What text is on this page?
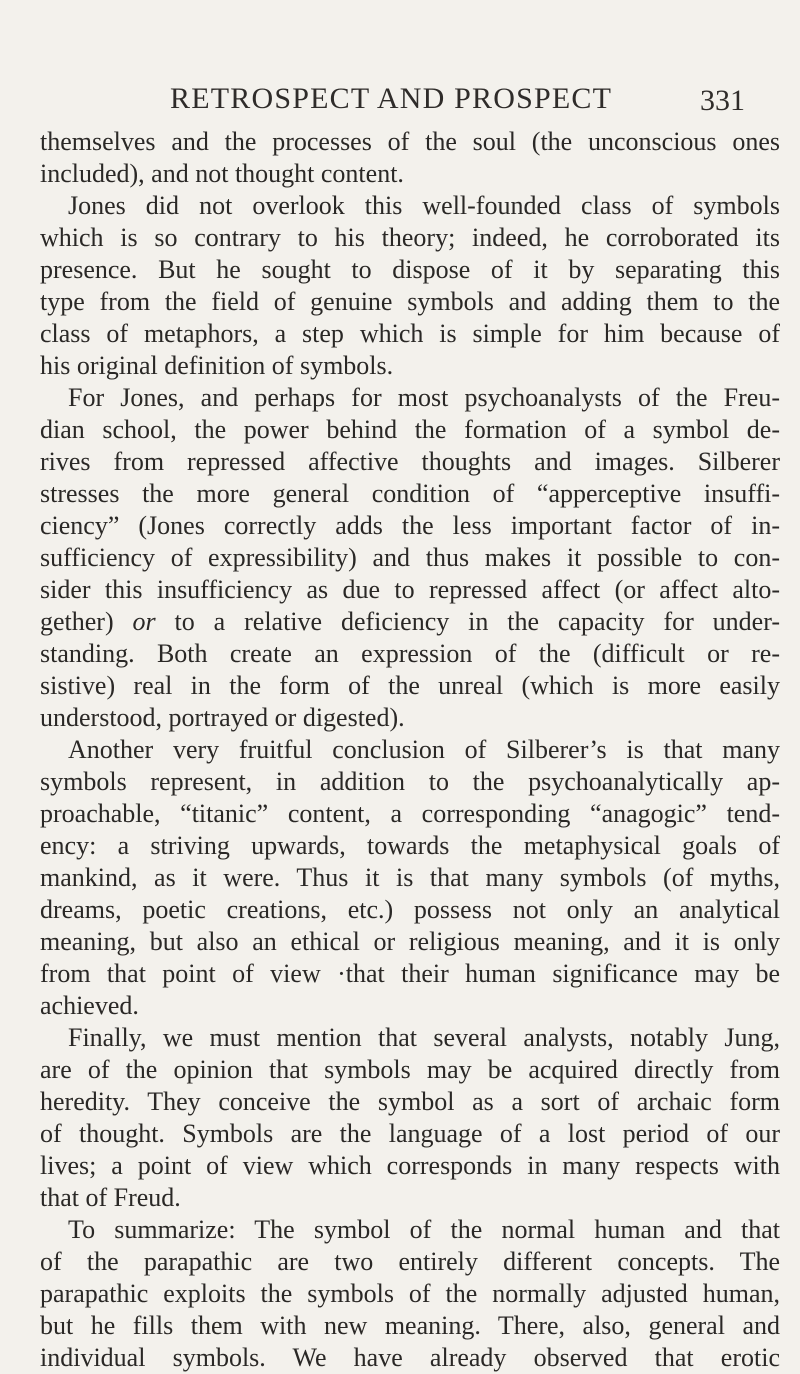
RETROSPECT AND PROSPECT	331
themselves and the processes of the soul (the unconscious ones
included), and not thought content.
Jones did not overlook this well-founded class of symbols
which is so contrary to his theory; indeed, he corroborated its
presence. But he sought to dispose of it by separating this
type from the field of genuine symbols and adding them to the
class of metaphors, a step which is simple for him because of
his original definition of symbols.
For Jones, and perhaps for most psychoanalysts of the Freu-
dian school, the power behind the formation of a symbol de-
rives from repressed affective thoughts and images. Silberer
stresses the more general condition of “apperceptive insuffi-
ciency” (Jones correctly adds the less important factor of in-
sufficiency of expressibility) and thus makes it possible to con-
sider this insufficiency as due to repressed affect (or affect alto-
gether) or to a relative deficiency in the capacity for under-
standing. Both create an expression of the (difficult or re-
sistive) real in the form of the unreal (which is more easily
understood, portrayed or digested).
Another very fruitful conclusion of Silberer’s is that many
symbols represent, in addition to the psychoanalytically ap-
proachable, “titanic” content, a corresponding “anagogic” tend-
ency: a striving upwards, towards the metaphysical goals of
mankind, as it were. Thus it is that many symbols (of myths,
dreams, poetic creations, etc.) possess not only an analytical
meaning, but also an ethical or religious meaning, and it is only
from that point of view ·that their human significance may be
achieved.
Finally, we must mention that several analysts, notably Jung,
are of the opinion that symbols may be acquired directly from
heredity. They conceive the symbol as a sort of archaic form
of thought. Symbols are the language of a lost period of our
lives; a point of view which corresponds in many respects with
that of Freud.
To summarize: The symbol of the normal human and that
of the parapathic are two entirely different concepts. The
parapathic exploits the symbols of the normally adjusted human,
but he fills them with new meaning. There, also, general and
individual symbols. We have already observed that erotic
